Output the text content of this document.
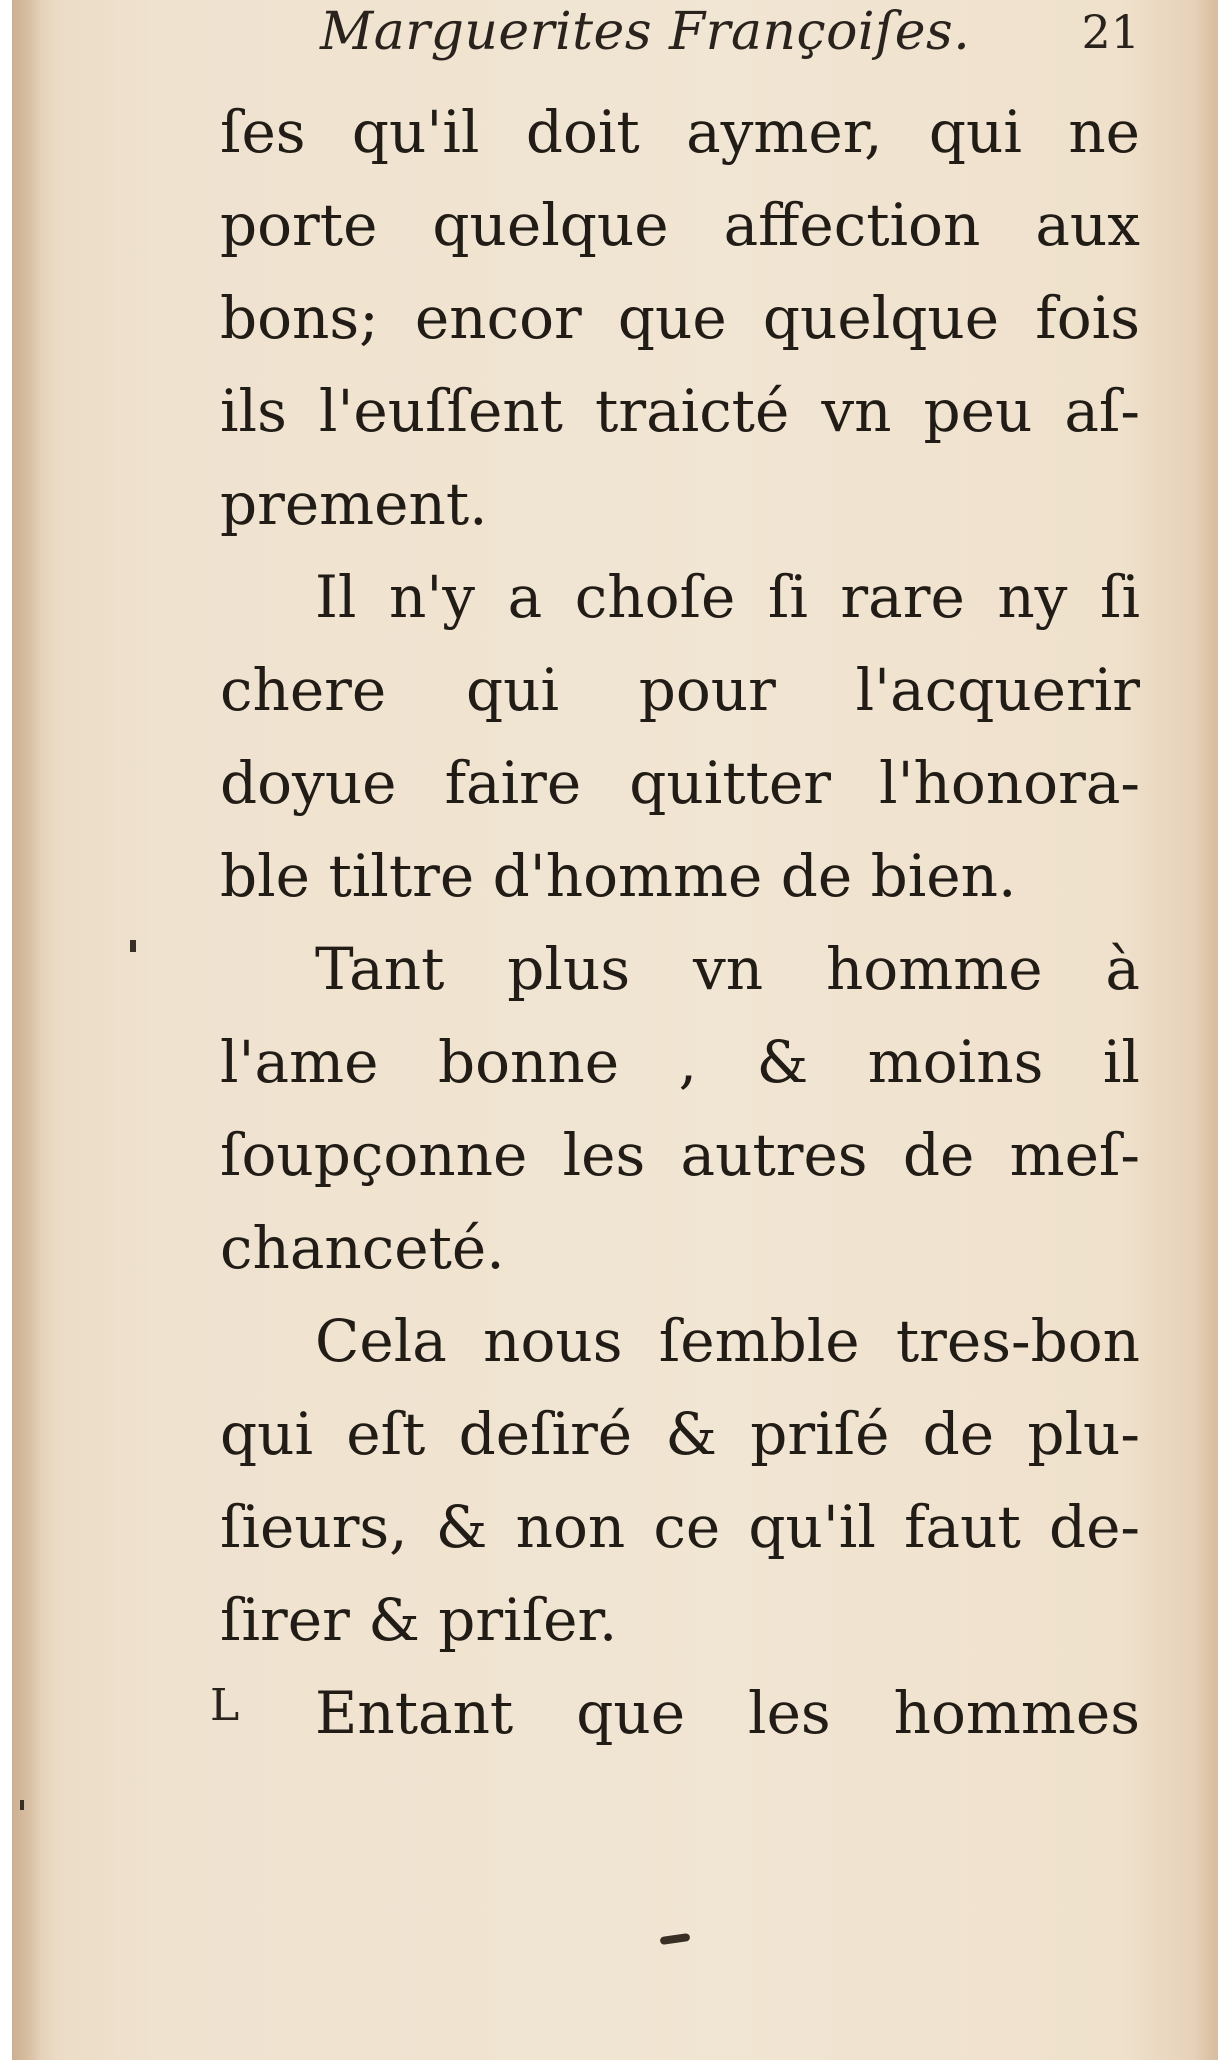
Marguerites Françoiſes. 21
ſes qu'il doit aymer, qui ne
porte quelque affection aux
bons; encor que quelque fois
ils l'euſſent traicté vn peu aſ-
prement.
Il n'y a choſe ſi rare ny ſi
chere qui pour l'acquerir
doyue faire quitter l'honora-
ble tiltre d'homme de bien.
Tant plus vn homme à
l'ame bonne , & moins il
ſoupçonne les autres de meſ-
chanceté.
Cela nous ſemble tres-bon
qui eſt deſiré & priſé de plu-
ſieurs, & non ce qu'il faut de-
ſirer & priſer.
Entant que les hommes
L
